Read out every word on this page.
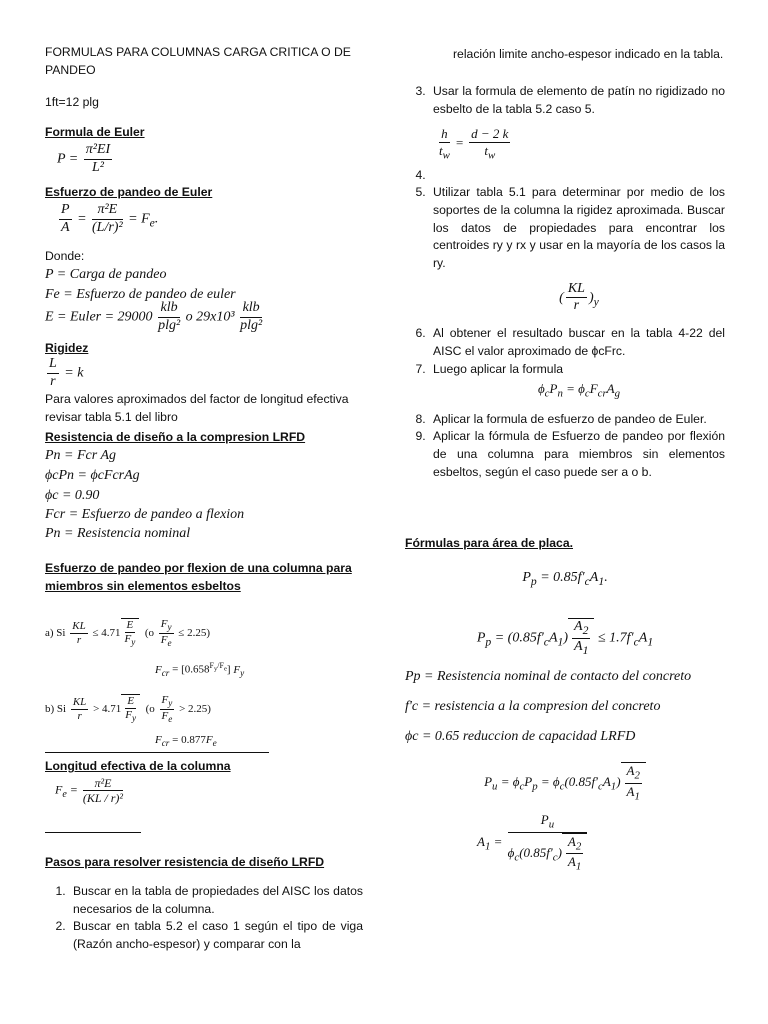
FORMULAS PARA COLUMNAS CARGA CRITICA O DE PANDEO
1ft=12 plg
Formula de Euler
$P = \frac{\text{π²EI}}{\text{L²}}$
Esfuerzo de pandeo de Euler
$\frac{P}{A} = \frac{\text{π²E}}{\text{(L/r)²}} = F_e$.
Donde:
P = Carga de pandeo
Fe = Esfuerzo de pandeo de euler
E = Euler = $29000 \frac{\text{klb}}{\text{plg²}}$ o $29x10^3 \frac{\text{klb}}{\text{plg²}}$
Rigidez
$\frac{L}{r} = k$
Para valores aproximados del factor de longitud efectiva revisar tabla 5.1 del libro
Resistencia de diseño a la compresion LRFD
Pn = Fcr Ag
ϕcPn = ϕcFcrAg
ϕc = 0.90
Fcr = Esfuerzo de pandeo a flexion
Pn = Resistencia nominal
Esfuerzo de pandeo por flexion de una columna para miembros sin elementos esbeltos
a) Si $\frac{KL}{r} \le 4.71 \frac{E}{F_y} (o \frac{F_y}{F_e} \le 2.25)$
$F_{cr} = [0.658^{F_y/F_e}]$ $F_y$
b) Si $\frac{KL}{r} > 4.71 \frac{E}{F_y} (o \frac{F_y}{F_e} > 2.25)$
$F_{cr} = 0.877F_e$
Longitud efectiva de la columna
$F_e = \frac{\text{π²E}}{\text{(KL / r)²}}$
Pasos para resolver resistencia de diseño LRFD
1. Buscar en la tabla de propiedades del AISC los datos necesarios de la columna.
2. Buscar en tabla 5.2 el caso 1 según el tipo de viga (Razón ancho-espesor) y comparar con la
relación limite ancho-espesor indicado en la tabla.
3. Usar la formula de elemento de patín no rigidizado no esbelto de la tabla 5.2 caso 5.
$\frac{h}{t_w} = \frac{d - 2 k}{t_w}$
4.
5. Utilizar tabla 5.1 para determinar por medio de los soportes de la columna la rigidez aproximada. Buscar los datos de propiedades para encontrar los centroides ry y rx y usar en la mayoría de los casos la ry.
( $\frac{KL}{r} )_y$
6. Al obtener el resultado buscar en la tabla 4-22 del AISC el valor aproximado de ϕcFrc.
7. Luego aplicar la formula
$\phi_cP_n = \phi_cF_{cr}A_g$
8. Aplicar la formula de esfuerzo de pandeo de Euler.
9. Aplicar la fórmula de Esfuerzo de pandeo por flexión de una columna para miembros sin elementos esbeltos, según el caso puede ser a o b.
Fórmulas para área de placa.
$P_p = 0.85f'_cA_1$.
$P_p = (0.85f'_cA_1) \frac{A_2}{A_1} \le 1.7f'_cA_1$
Pp = Resistencia nominal de contacto del concreto
f'c = resistencia a la compresion del concreto
ϕc = 0.65 reduccion de capacidad LRFD
$P_u = \phi_cP_p = \phi_c(0.85f'_cA_1) \frac{A_2}{A_1}$
$A_1 = \frac{P_u}{\phi_c(0.85f'_c) \frac{A_2}{A_1}}$
